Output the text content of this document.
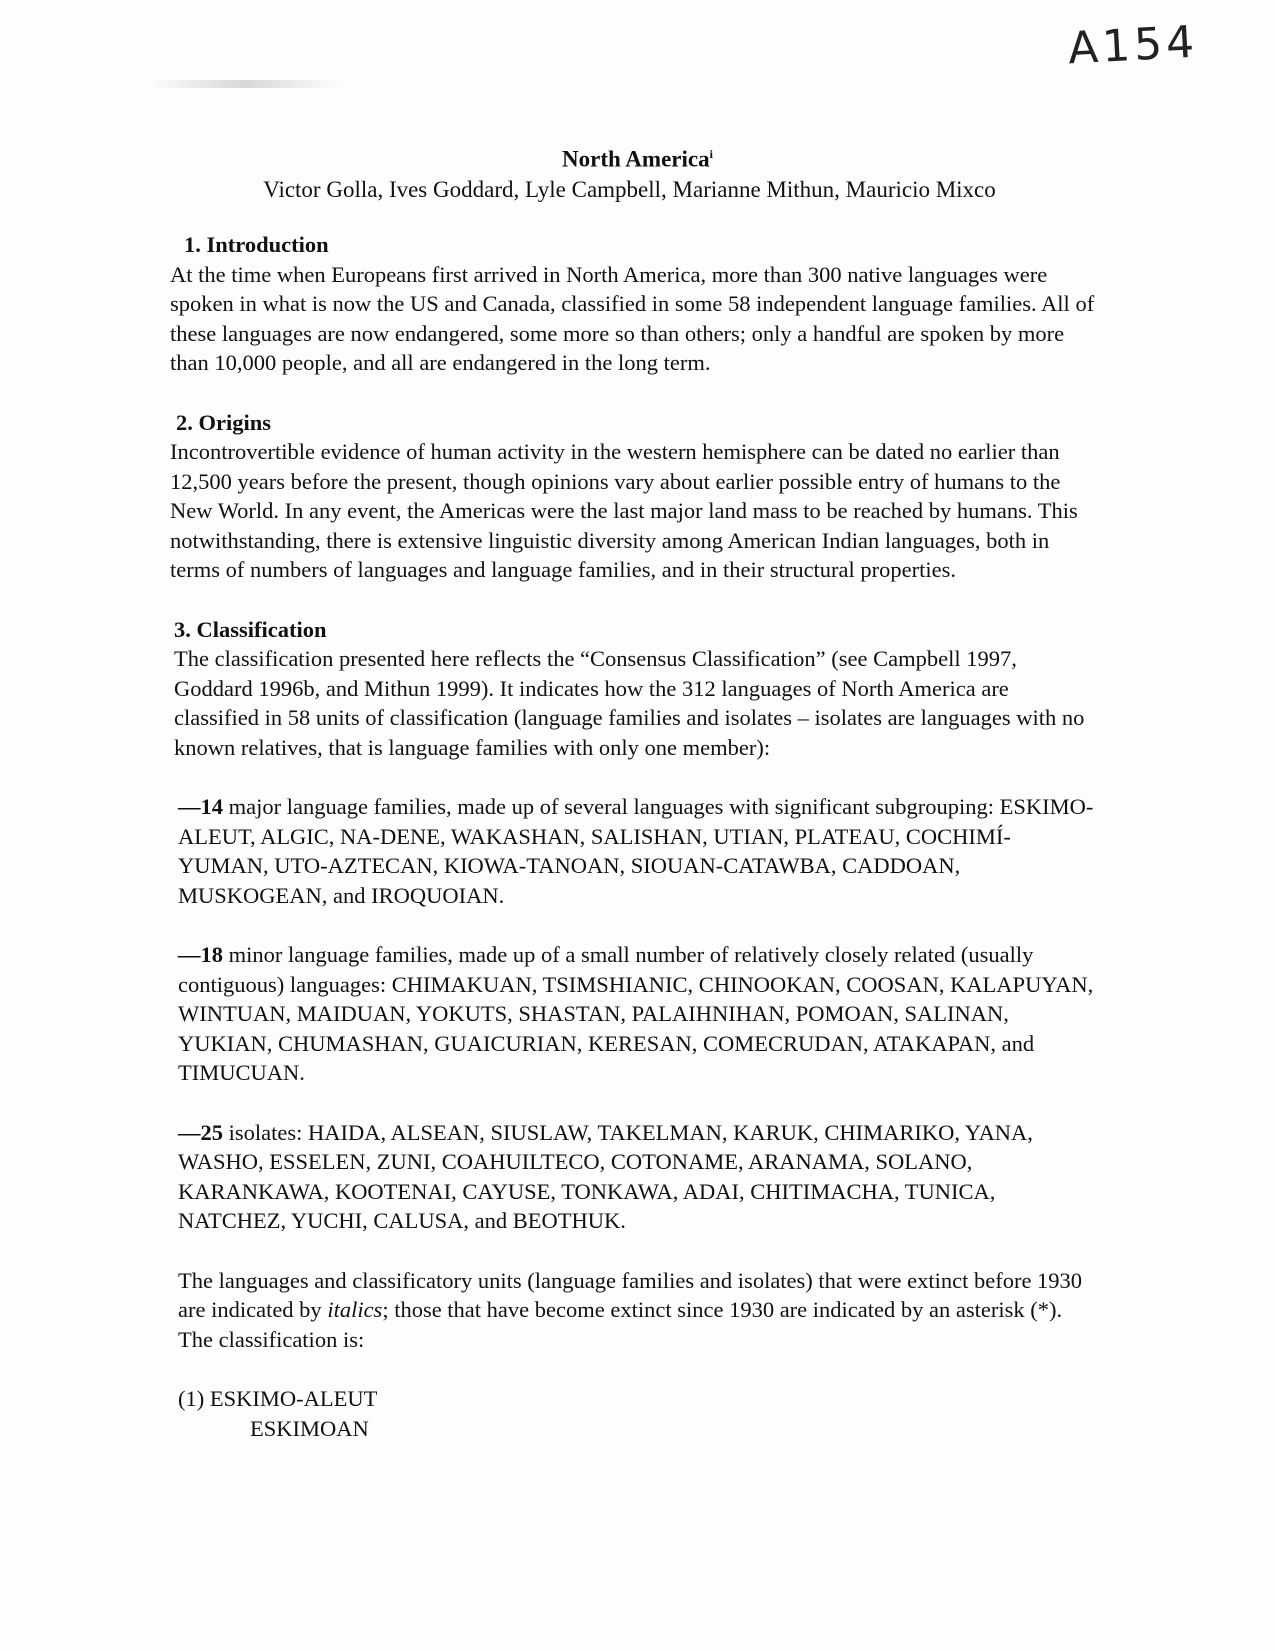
A154

North America$^i$

Victor Golla, Ives Goddard, Lyle Campbell, Marianne Mithun, Mauricio Mixco

1. Introduction

At the time when Europeans first arrived in North America, more than 300 native languages were spoken in what is now the US and Canada, classified in some 58 independent language families. All of these languages are now endangered, some more so than others; only a handful are spoken by more than 10,000 people, and all are endangered in the long term.

2. Origins

Incontrovertible evidence of human activity in the western hemisphere can be dated no earlier than 12,500 years before the present, though opinions vary about earlier possible entry of humans to the New World. In any event, the Americas were the last major land mass to be reached by humans. This notwithstanding, there is extensive linguistic diversity among American Indian languages, both in terms of numbers of languages and language families, and in their structural properties.

3. Classification

The classification presented here reflects the “Consensus Classification” (see Campbell 1997, Goddard 1996b, and Mithun 1999). It indicates how the 312 languages of North America are classified in 58 units of classification (language families and isolates – isolates are languages with no known relatives, that is language families with only one member):

—14 major language families, made up of several languages with significant subgrouping: ESKIMO-ALEUT, ALGIC, NA-DENE, WAKASHAN, SALISHAN, UTIAN, PLATEAU, COCHIMÍ-YUMAN, UTO-AZTECAN, KIOWA-TANOAN, SIOUAN-CATAWBA, CADDOAN, MUSKOGEAN, and IROQUOIAN.

—18 minor language families, made up of a small number of relatively closely related (usually contiguous) languages: CHIMAKUAN, TSIMSHIANIC, CHINOOKAN, COOSAN, KALAPUYAN, WINTUAN, MAIDUAN, YOKUTS, SHASTAN, PALAIHNIHAN, POMOAN, SALINAN, YUKIAN, CHUMASHAN, GUAICURIAN, KERESAN, COMECRUDAN, ATAKAPAN, and TIMUCUAN.

—25 isolates: HAIDA, ALSEAN, SIUSLAW, TAKELMAN, KARUK, CHIMARIKO, YANA, WASHO, ESSELEN, ZUNI, COAHUILTECO, COTONAME, ARANAMA, SOLANO, KARANKAWA, KOOTENAI, CAYUSE, TONKAWA, ADAI, CHITIMACHA, TUNICA, NATCHEZ, YUCHI, CALUSA, and BEOTHUK.

The languages and classificatory units (language families and isolates) that were extinct before 1930 are indicated by italics; those that have become extinct since 1930 are indicated by an asterisk (*). The classification is:

(1) ESKIMO-ALEUT

ESKIMOAN
